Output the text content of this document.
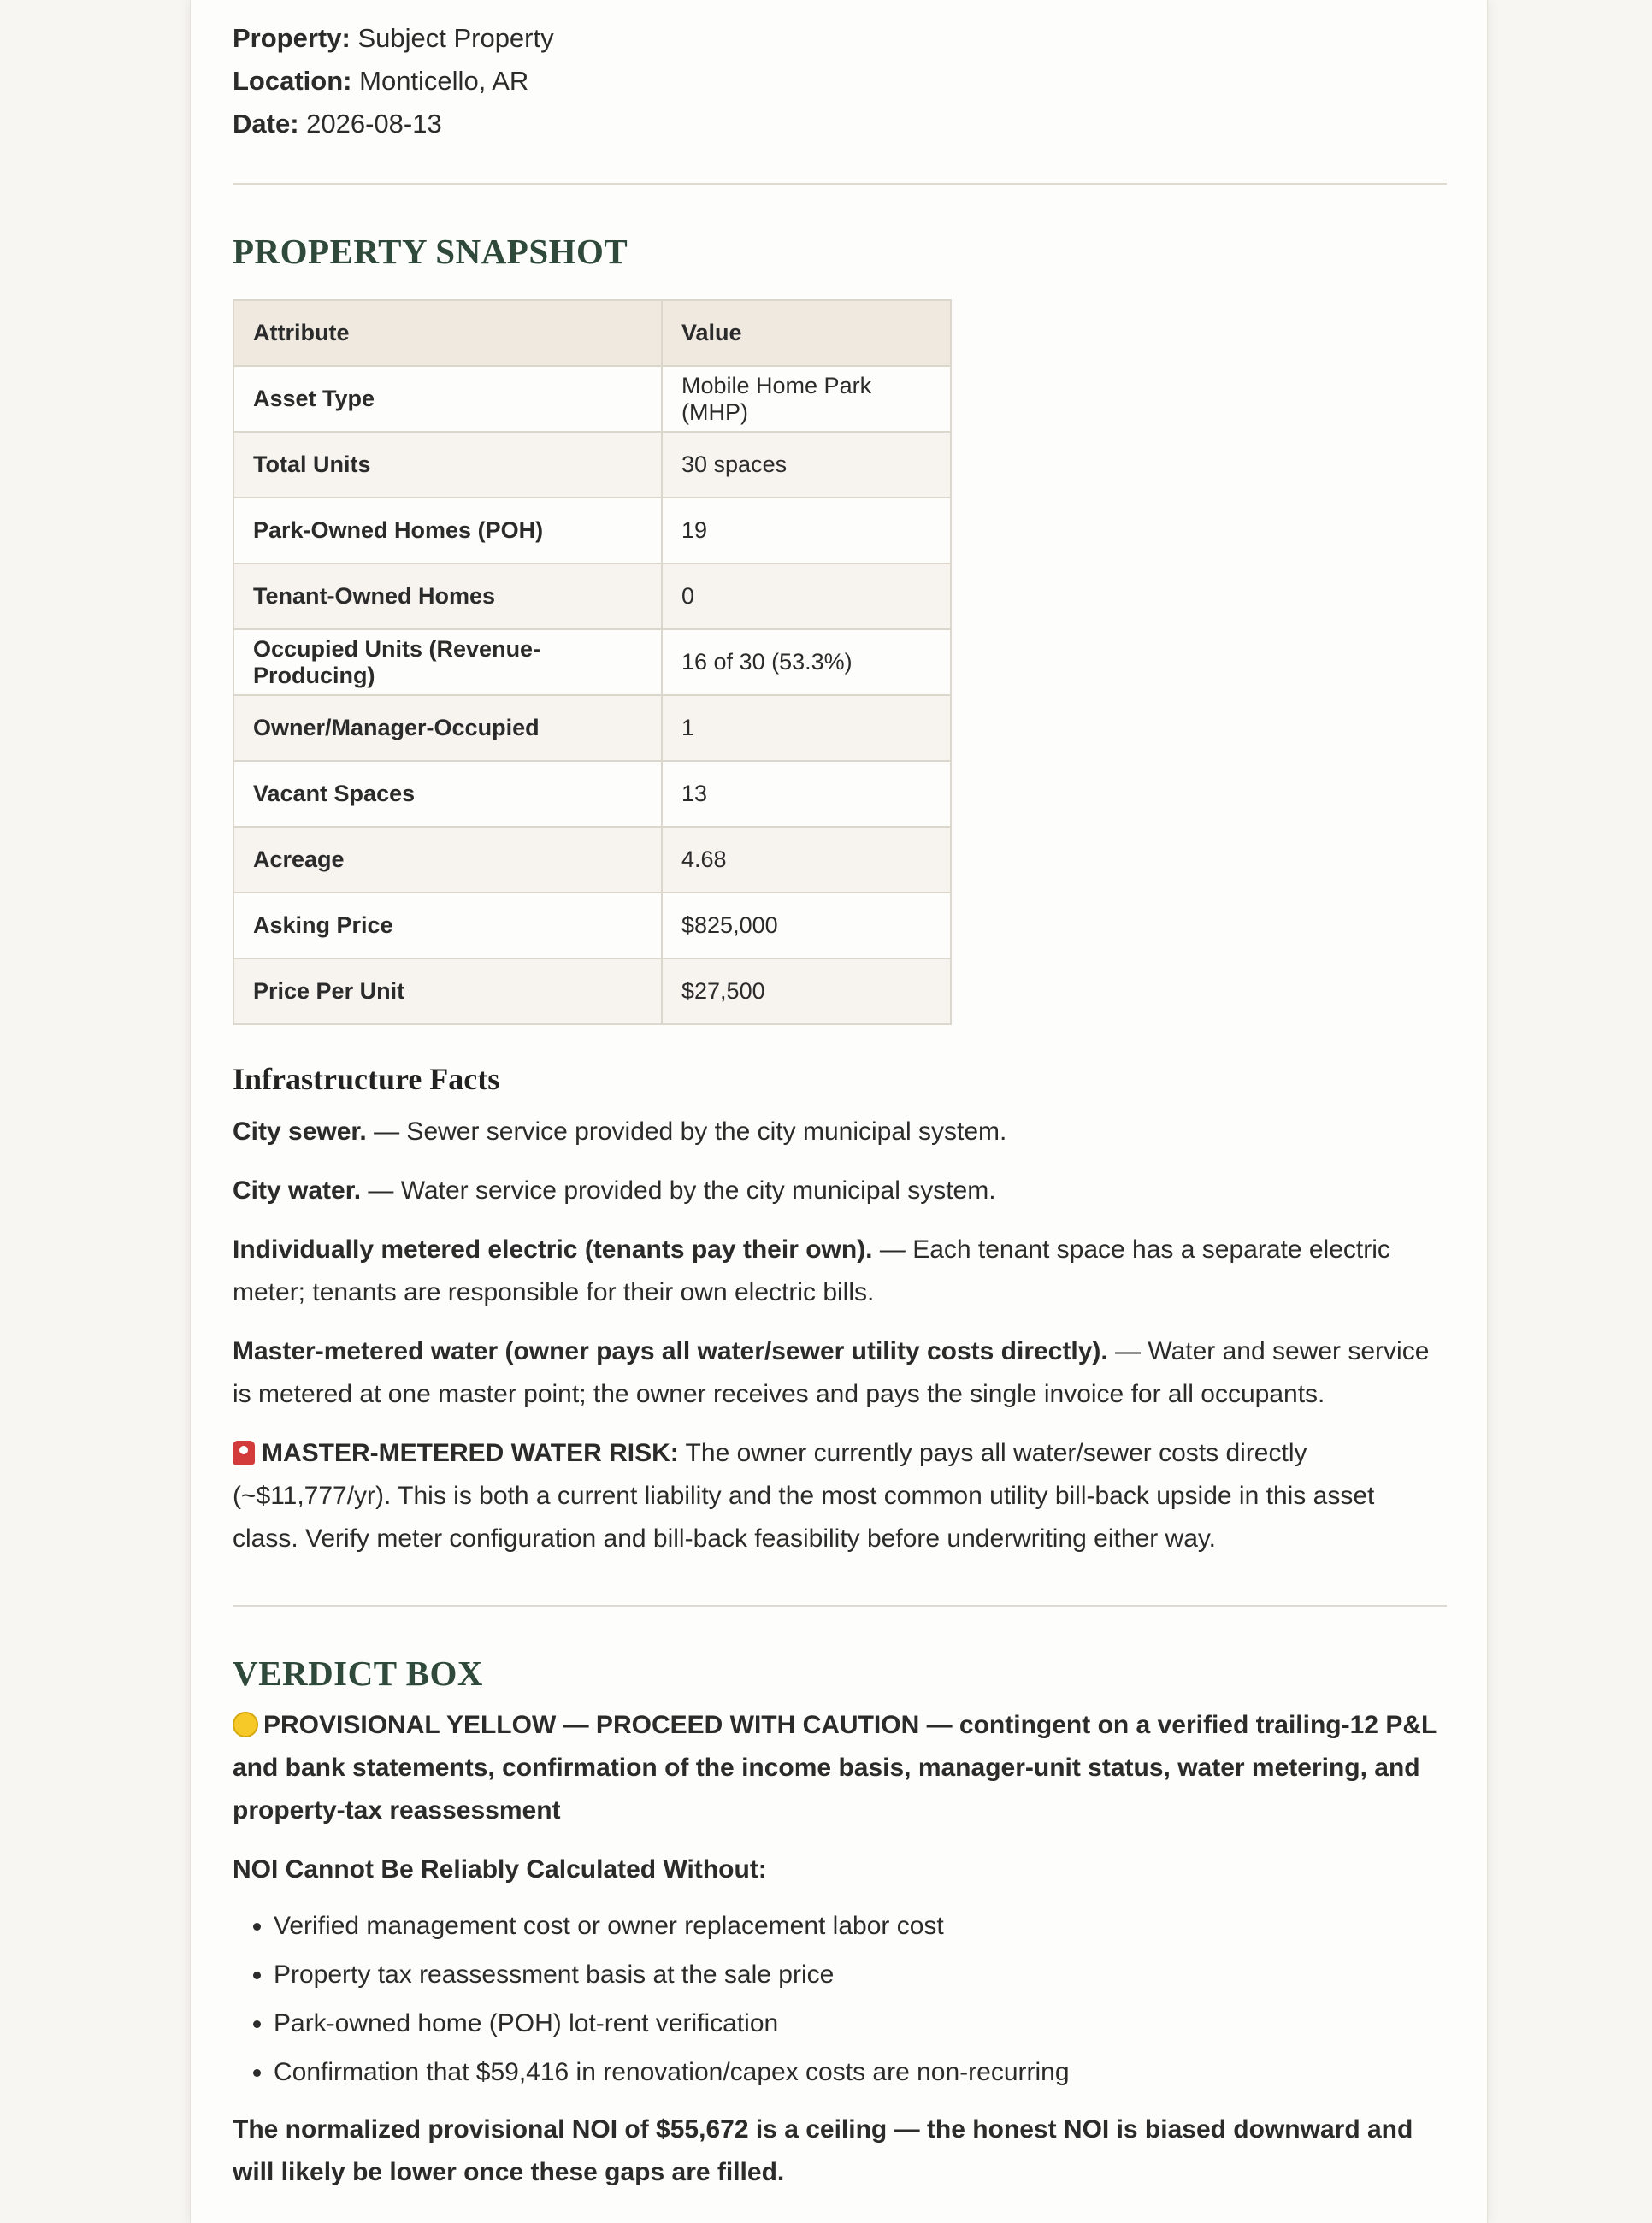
Property: Subject Property
Location: Monticello, AR
Date: 2026-08-13
PROPERTY SNAPSHOT
Attribute	Value
Asset Type	Mobile Home Park (MHP)
Total Units	30 spaces
Park-Owned Homes (POH)	19
Tenant-Owned Homes	0
Occupied Units (Revenue-Producing)	16 of 30 (53.3%)
Owner/Manager-Occupied	1
Vacant Spaces	13
Acreage	4.68
Asking Price	$825,000
Price Per Unit	$27,500
Infrastructure Facts

City sewer. — Sewer service provided by the city municipal system.

City water. — Water service provided by the city municipal system.

Individually metered electric (tenants pay their own). — Each tenant space has a separate electric meter; tenants are responsible for their own electric bills.

Master-metered water (owner pays all water/sewer utility costs directly). — Water and sewer service is metered at one master point; the owner receives and pays the single invoice for all occupants.

MASTER-METERED WATER RISK: The owner currently pays all water/sewer costs directly (~$11,777/yr). This is both a current liability and the most common utility bill-back upside in this asset class. Verify meter configuration and bill-back feasibility before underwriting either way.

VERDICT BOX

PROVISIONAL YELLOW — PROCEED WITH CAUTION — contingent on a verified trailing-12 P&L and bank statements, confirmation of the income basis, manager-unit status, water metering, and property-tax reassessment

NOI Cannot Be Reliably Calculated Without:

• Verified management cost or owner replacement labor cost
• Property tax reassessment basis at the sale price
• Park-owned home (POH) lot-rent verification
• Confirmation that $59,416 in renovation/capex costs are non-recurring

The normalized provisional NOI of $55,672 is a ceiling — the honest NOI is biased downward and will likely be lower once these gaps are filled.
